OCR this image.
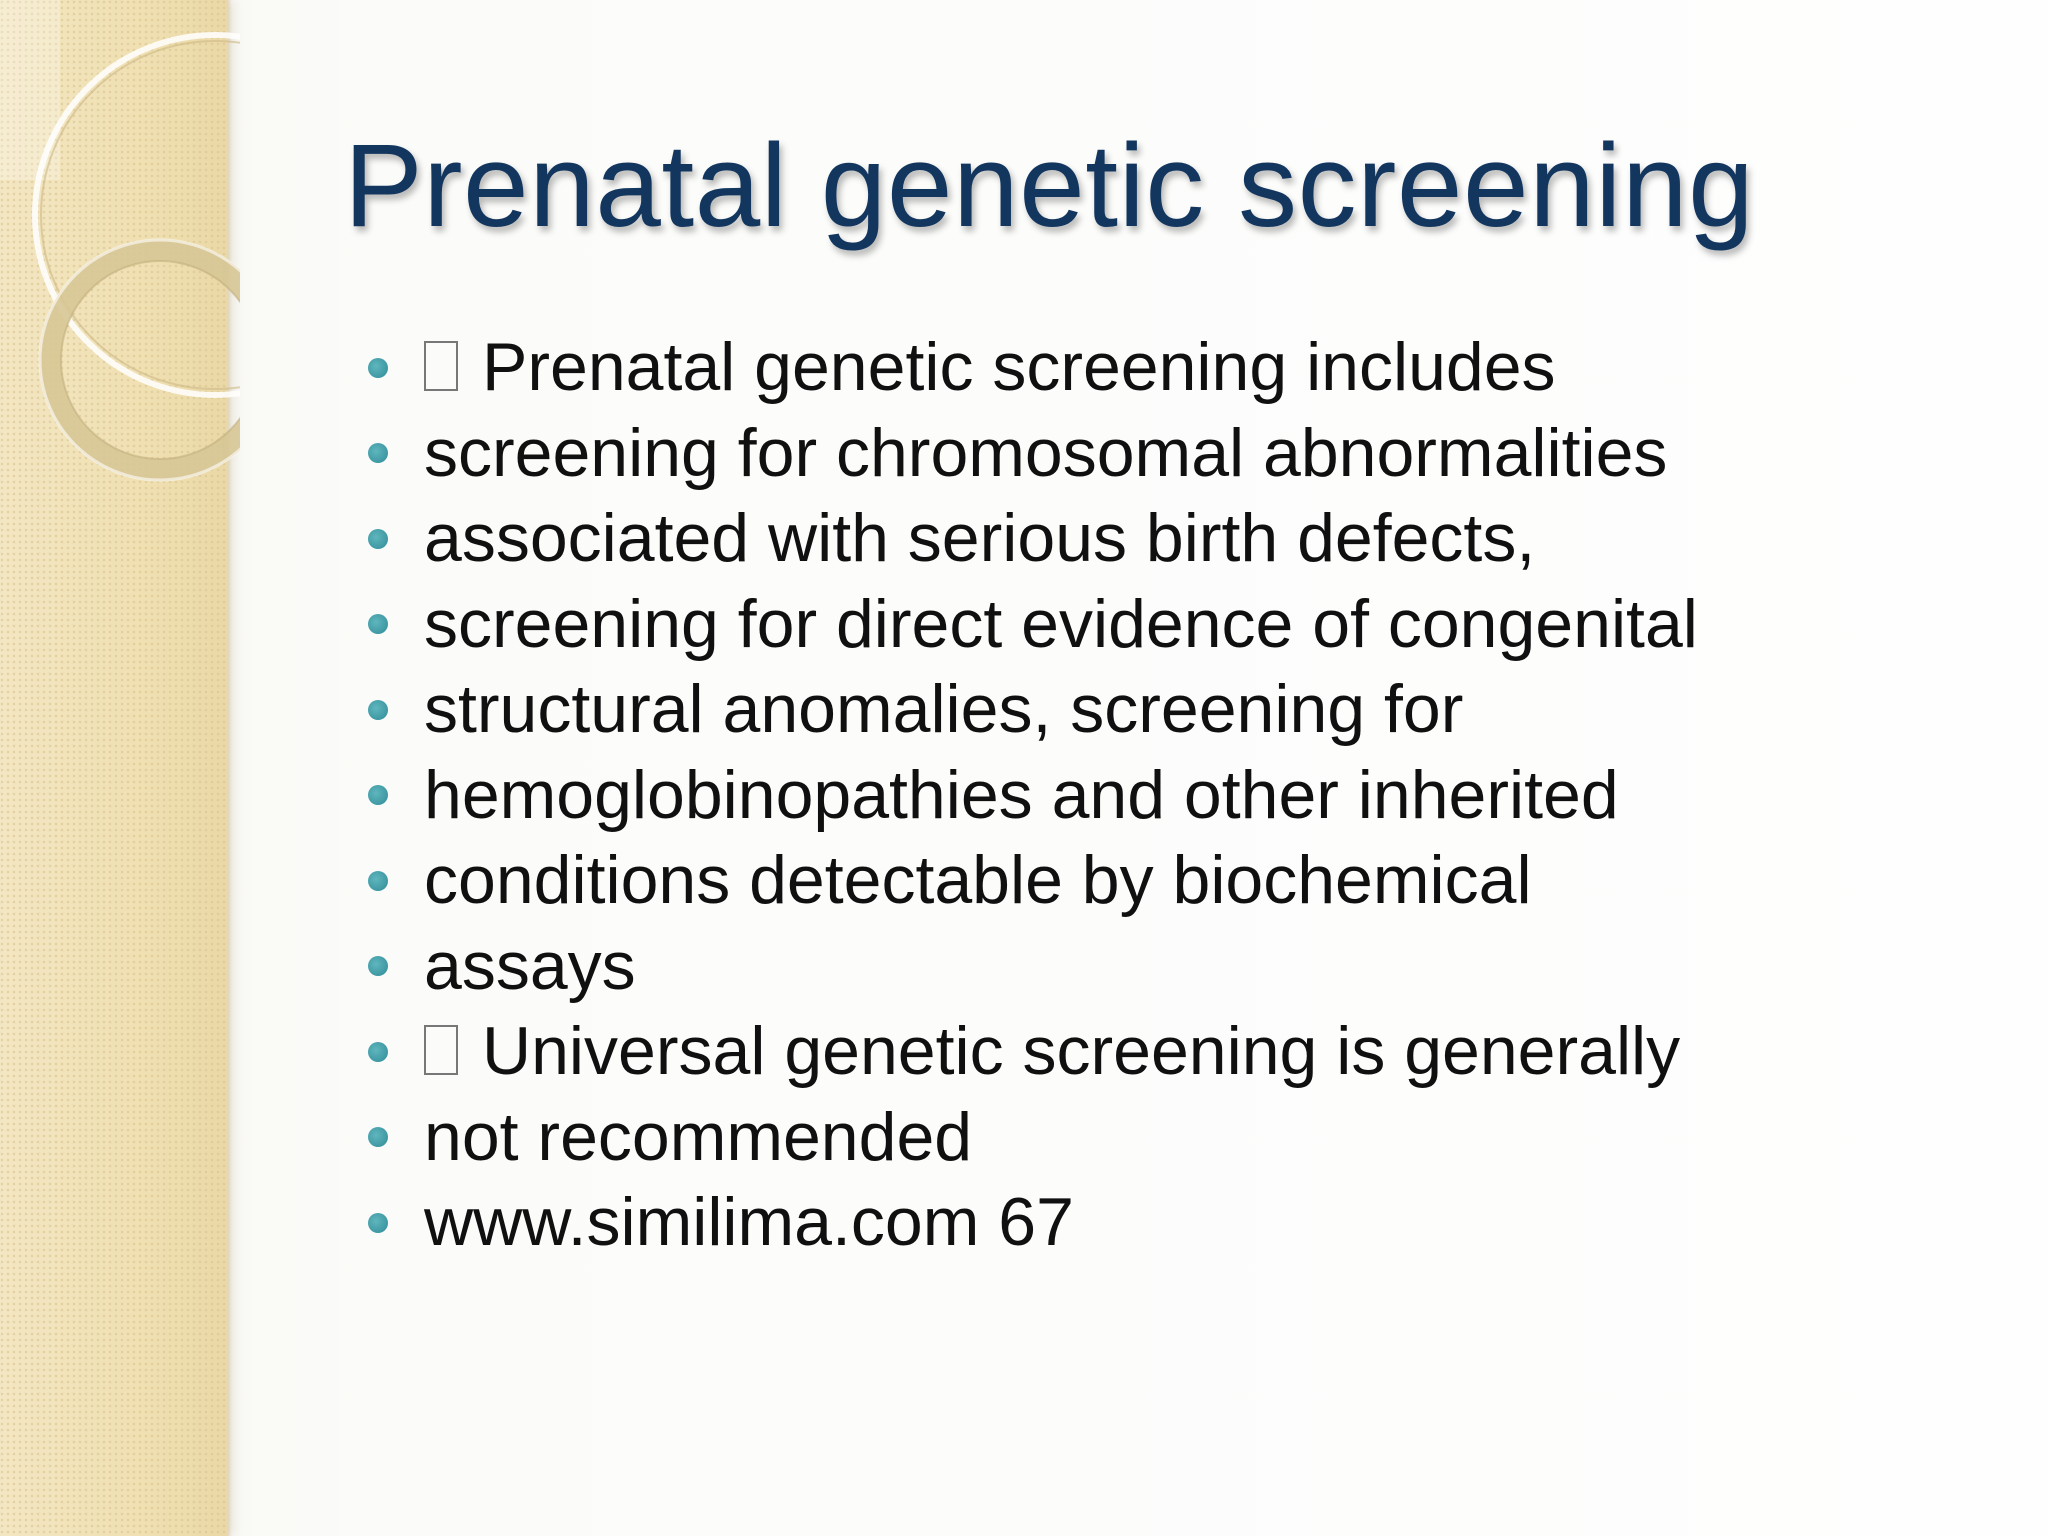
Prenatal genetic screening
Prenatal genetic screening includes
screening for chromosomal abnormalities
associated with serious birth defects,
screening for direct evidence of congenital
structural anomalies, screening for
hemoglobinopathies and other inherited
conditions detectable by biochemical
assays
Universal genetic screening is generally
not recommended
www.similima.com 67
